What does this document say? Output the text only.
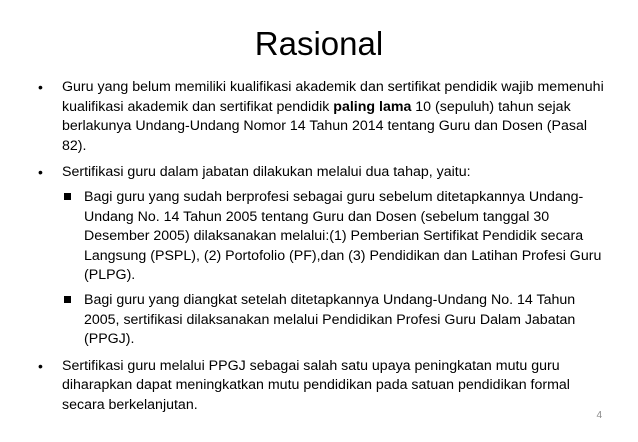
Rasional
• Guru yang belum memiliki kualifikasi akademik dan sertifikat pendidik wajib memenuhi kualifikasi akademik dan sertifikat pendidik paling lama 10 (sepuluh) tahun sejak berlakunya Undang-Undang Nomor 14 Tahun 2014 tentang Guru dan Dosen (Pasal 82).
• Sertifikasi guru dalam jabatan dilakukan melalui dua tahap, yaitu:
Bagi guru yang sudah berprofesi sebagai guru sebelum ditetapkannya Undang-Undang No. 14 Tahun 2005 tentang Guru dan Dosen (sebelum tanggal 30 Desember 2005) dilaksanakan melalui:(1) Pemberian Sertifikat Pendidik secara Langsung (PSPL), (2) Portofolio (PF),dan (3) Pendidikan dan Latihan Profesi Guru (PLPG).
Bagi guru yang diangkat setelah ditetapkannya Undang-Undang No. 14 Tahun 2005, sertifikasi dilaksanakan melalui Pendidikan Profesi Guru Dalam Jabatan (PPGJ).
• Sertifikasi guru melalui PPGJ sebagai salah satu upaya peningkatan mutu guru diharapkan dapat meningkatkan mutu pendidikan pada satuan pendidikan formal secara berkelanjutan.
4
